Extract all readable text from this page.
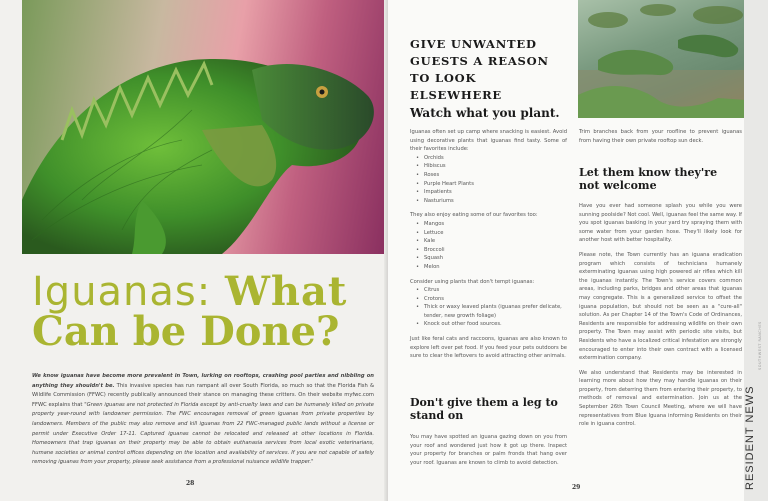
Iguanas: What
Can be Done?
We know iguanas have become more prevalent in Town, lurking on rooftops, crashing pool parties and nibbling on anything they shouldn't be. This invasive species has run rampant all over South Florida, so much so that the Florida Fish & Wildlife Commission (FFWC) recently publically announced their stance on managing these critters. On their website myfwc.com FFWC explains that "Green iguanas are not protected in Florida except by anti-cruelty laws and can be humanely killed on private property year-round with landowner permission. The FWC encourages removal of green iguanas from private properties by landowners. Members of the public may also remove and kill iguanas from 22 FWC-managed public lands without a license or permit under Executive Order 17-11. Captured iguanas cannot be relocated and released at other locations in Florida. Homeowners that trap iguanas on their property may be able to obtain euthanasia services from local exotic veterinarians, humane societies or animal control offices depending on the location and availability of services. If you are not capable of safely removing iguanas from your property, please seek assistance from a professional nuisance wildlife trapper."
28
GIVE UNWANTED GUESTS A REASON TO LOOK ELSEWHERE
Watch what you plant.

Iguanas often set up camp where snacking is easiest. Avoid using decorative plants that iguanas find tasty. Some of their favorites include:

• Orchids
• Hibiscus
• Roses
• Purple Heart Plants
• Impatients
• Nasturiums

They also enjoy eating some of our favorites too:

• Mangos
• Lettuce
• Kale
• Broccoli
• Squash
• Melon

Consider using plants that don't tempt iguanas:

• Citrus
• Crotons
• Thick or waxy leaved plants (iguanas prefer delicate, tender, new growth foliage)
• Knock out other food sources.

Just like feral cats and raccoons, iguanas are also known to explore left over pet food. If you feed your pets outdoors be sure to clear the leftovers to avoid attracting other animals.

Don't give them a leg to stand on
You may have spotted an iguana gazing down on you from your roof and wondered just how it got up there. Inspect your property for branches or palm fronds that hang over your roof. Iguanas are known to climb to avoid detection.
Trim branches back from your roofline to prevent iguanas from having their own private rooftop sun deck.
Let them know they're not welcome

Have you ever had someone splash you while you were sunning poolside? Not cool. Well, iguanas feel the same way. If you spot iguanas basking in your yard try spraying them with some water from your garden hose. They'll likely look for another host with better hospitality.

Please note, the Town currently has an iguana eradication program which consists of technicians humanely exterminating iguanas using high powered air rifles which kill the iguanas instantly. The Town's service covers common areas, including parks, bridges and other areas that iguanas may congregate. This is a generalized service to offset the iguana population, but should not be seen as a "cure-all" solution. As per Chapter 14 of the Town's Code of Ordinances, Residents are responsible for addressing wildlife on their own property. The Town may assist with periodic site visits, but Residents who have a localized critical infestation are strongly encouraged to enter into their own contract with a licensed extermination company.

We also understand that Residents may be interested in learning more about how they may handle iguanas on their property, from deterring them from entering their property, to methods of removal and extermination. Join us at the September 26th Town Council Meeting, where we will have representatives from Blue Iguana informing Residents on their role in iguana control.

29	RESIDENT NEWS
SOUTHWEST RANCHES
